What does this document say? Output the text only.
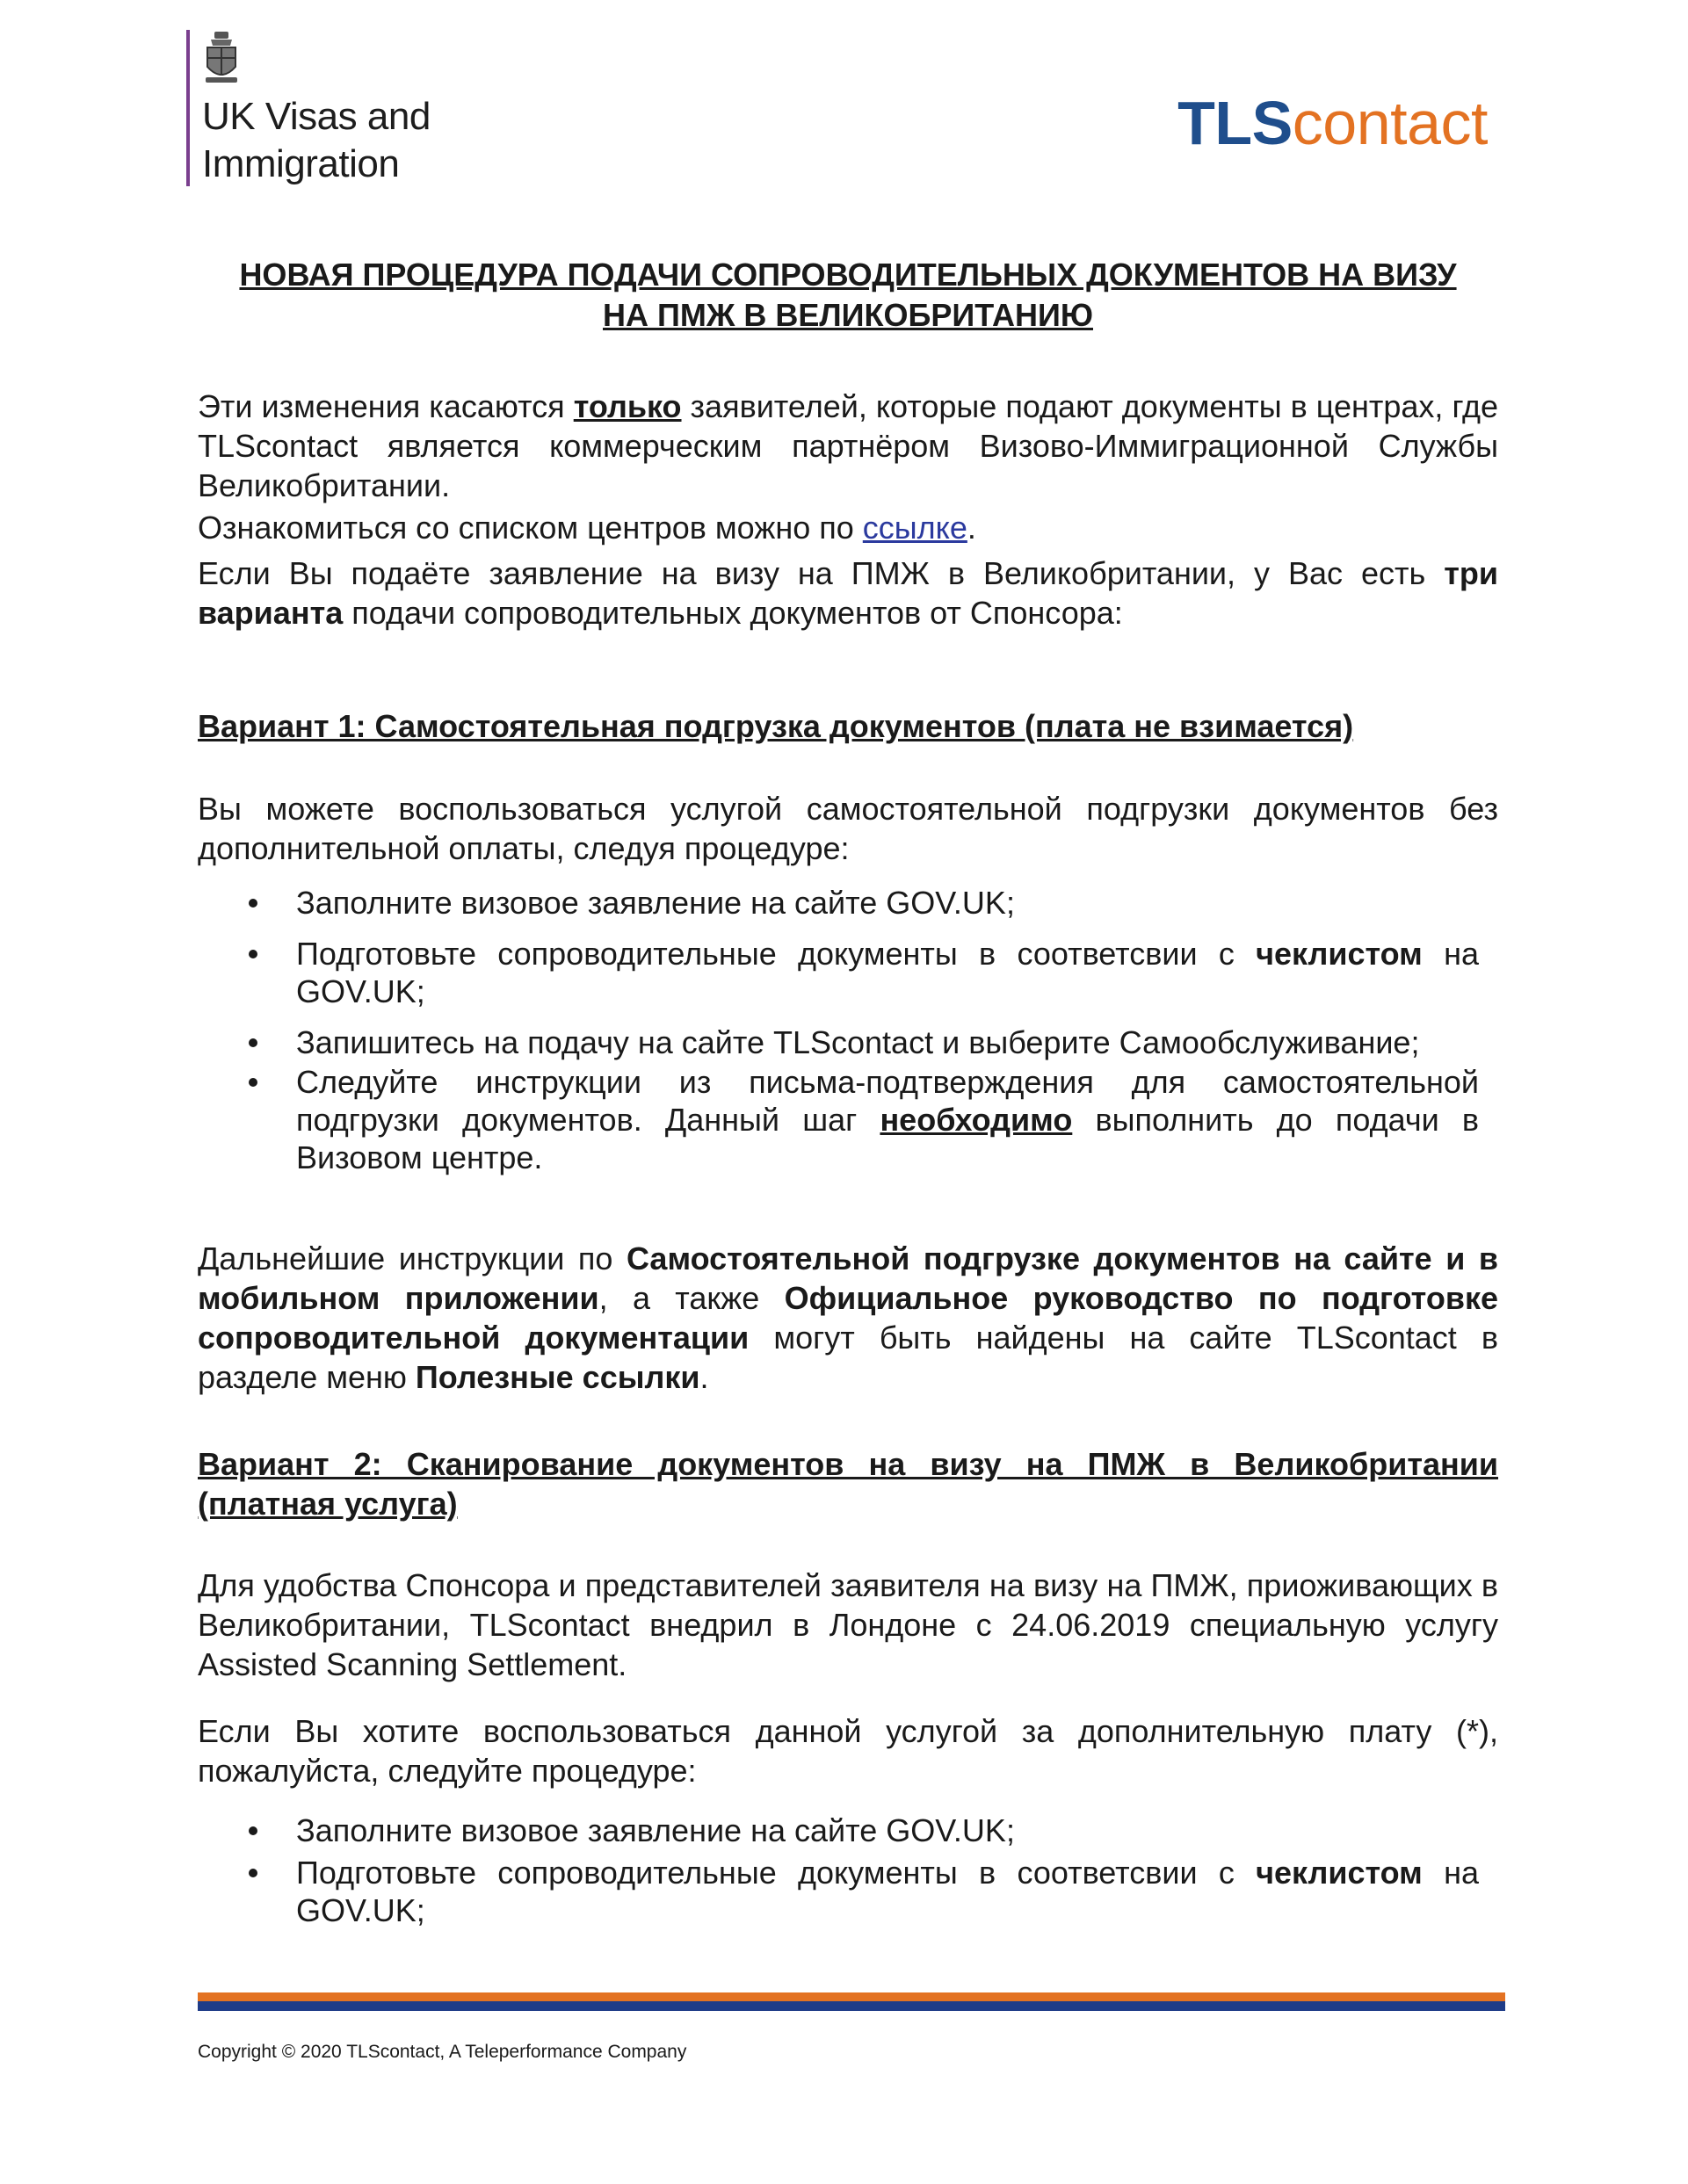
UK Visas and
Immigration
TLScontact
НОВАЯ ПРОЦЕДУРА ПОДАЧИ СОПРОВОДИТЕЛЬНЫХ ДОКУМЕНТОВ НА ВИЗУ
НА ПМЖ В ВЕЛИКОБРИТАНИЮ
Эти изменения касаются только заявителей, которые подают документы в центрах, где TLScontact является коммерческим партнёром Визово-Иммиграционной Службы Великобритании.
Ознакомиться со списком центров можно по ссылке.
Если Вы подаёте заявление на визу на ПМЖ в Великобритании, у Вас есть три варианта подачи сопроводительных документов от Спонсора:
Вариант 1: Самостоятельная подгрузка документов (плата не взимается)
Вы можете воспользоваться услугой самостоятельной подгрузки документов без дополнительной оплаты, следуя процедуре:
Заполните визовое заявление на сайте GOV.UK;
Подготовьте сопроводительные документы в соответсвии с чеклистом на GOV.UK;
Запишитесь на подачу на сайте TLScontact и выберите Самообслуживание;
Следуйте инструкции из письма-подтверждения для самостоятельной подгрузки документов. Данный шаг необходимо выполнить до подачи в Визовом центре.
Дальнейшие инструкции по Самостоятельной подгрузке документов на сайте и в мобильном приложении, а также Официальное руководство по подготовке сопроводительной документации могут быть найдены на сайте TLScontact в разделе меню Полезные ссылки.
Вариант 2: Сканирование документов на визу на ПМЖ в Великобритании (платная услуга)
Для удобства Спонсора и представителей заявителя на визу на ПМЖ, приоживающих в Великобритании, TLScontact внедрил в Лондоне с 24.06.2019 специальную услугу Assisted Scanning Settlement.
Если Вы хотите воспользоваться данной услугой за дополнительную плату (*), пожалуйста, следуйте процедуре:
Заполните визовое заявление на сайте GOV.UK;
Подготовьте сопроводительные документы в соответсвии с чеклистом на GOV.UK;
Copyright © 2020 TLScontact, A Teleperformance Company
